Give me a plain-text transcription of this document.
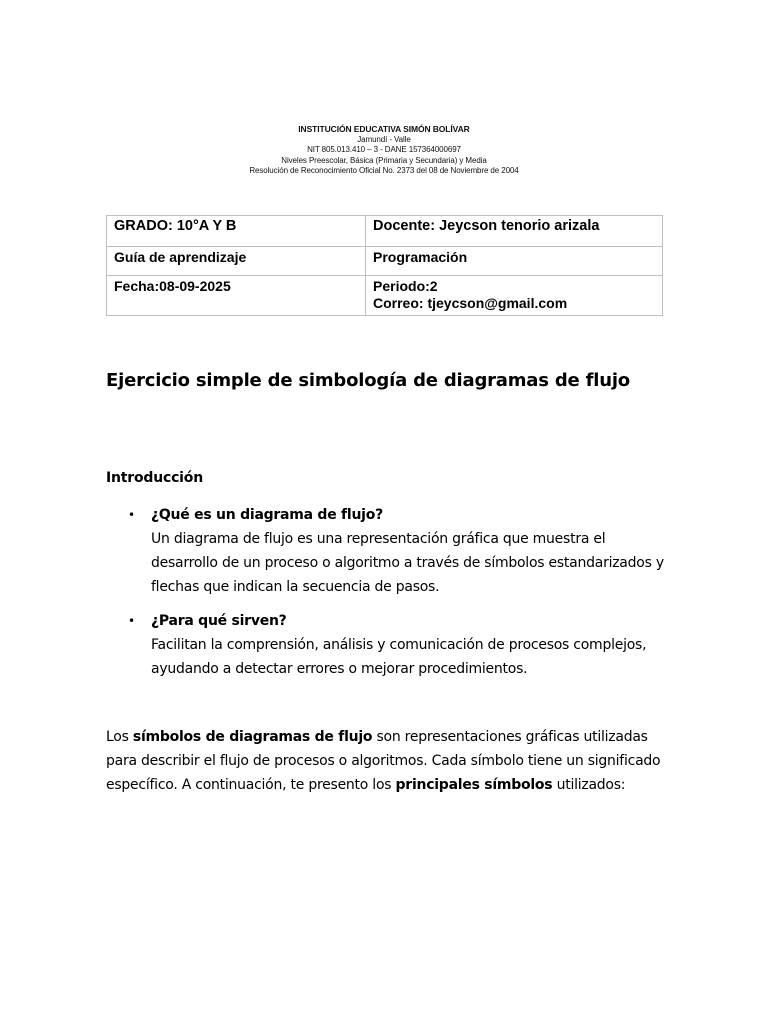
INSTITUCIÓN EDUCATIVA SIMÓN BOLÍVAR
Jamundí - Valle
NIT 805.013.410 – 3 - DANE 157364000697
Niveles Preescolar, Básica (Primaria y Secundaria) y Media
Resolución de Reconocimiento Oficial No. 2373 del 08 de Noviembre de 2004
GRADO: 10°A Y B	Docente: Jeycson tenorio arizala
Guía de aprendizaje	Programación
Fecha:08-09-2025	Periodo:2
Correo: tjeycson@gmail.com
Ejercicio simple de simbología de diagramas de flujo
Introducción
• ¿Qué es un diagrama de flujo?
Un diagrama de flujo es una representación gráfica que muestra el desarrollo de un proceso o algoritmo a través de símbolos estandarizados y flechas que indican la secuencia de pasos.
• ¿Para qué sirven?
Facilitan la comprensión, análisis y comunicación de procesos complejos, ayudando a detectar errores o mejorar procedimientos.

Los símbolos de diagramas de flujo son representaciones gráficas utilizadas para describir el flujo de procesos o algoritmos. Cada símbolo tiene un significado específico. A continuación, te presento los principales símbolos utilizados:
